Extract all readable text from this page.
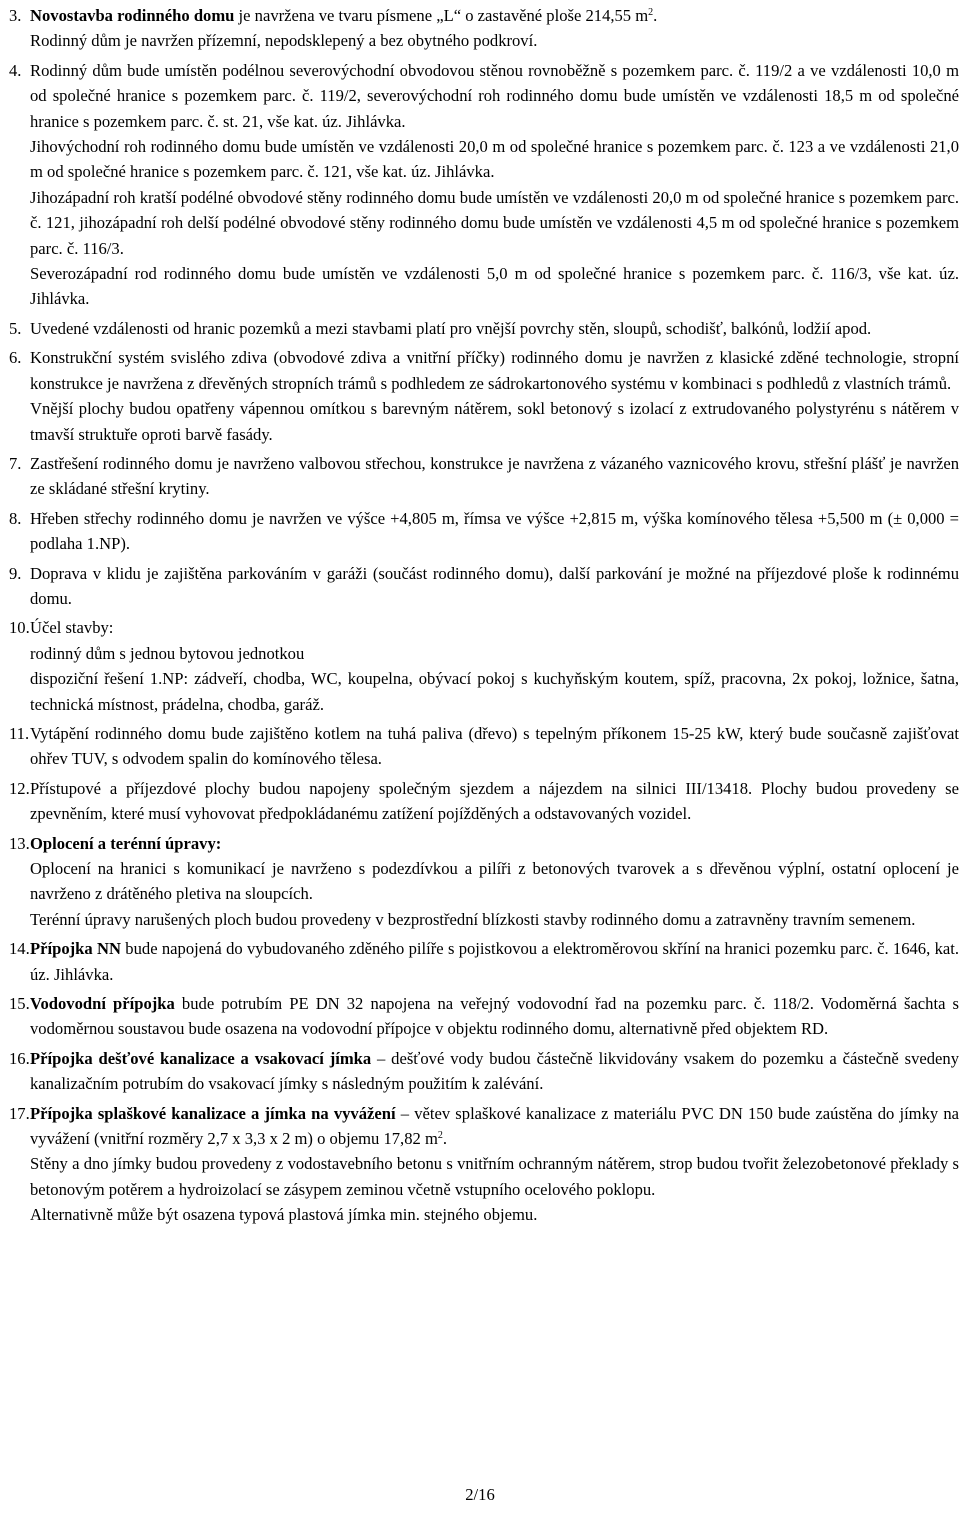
3. Novostavba rodinného domu je navržena ve tvaru písmene „L“ o zastavěné ploše 214,55 $m^2$.

Rodinný dům je navržen přízemní, nepodsklepený a bez obytného podkroví.

4. Rodinný dům bude umístěn podélnou severovýchodní obvodovou stěnou rovnoběžně s pozemkem parc. č. 119/2 a ve vzdálenosti 10,0 m od společné hranice s pozemkem parc. č. 119/2, severovýchodní roh rodinného domu bude umístěn ve vzdálenosti 18,5 m od společné hranice s pozemkem parc. č. st. 21, vše kat. úz. Jihlávka.

Jihovýchodní roh rodinného domu bude umístěn ve vzdálenosti 20,0 m od společné hranice s pozemkem parc. č. 123 a ve vzdálenosti 21,0 m od společné hranice s pozemkem parc. č. 121, vše kat. úz. Jihlávka.

Jihozápadní roh kratší podélné obvodové stěny rodinného domu bude umístěn ve vzdálenosti 20,0 m od společné hranice s pozemkem parc. č. 121, jihozápadní roh delší podélné obvodové stěny rodinného domu bude umístěn ve vzdálenosti 4,5 m od společné hranice s pozemkem parc. č. 116/3.

Severozápadní rod rodinného domu bude umístěn ve vzdálenosti 5,0 m od společné hranice s pozemkem parc. č. 116/3, vše kat. úz. Jihlávka.

5. Uvedené vzdálenosti od hranic pozemků a mezi stavbami platí pro vnější povrchy stěn, sloupů, schodišť, balkónů, lodžií apod.

6. Konstrukční systém svislého zdiva (obvodové zdiva a vnitřní příčky) rodinného domu je navržen z klasické zděné technologie, stropní konstrukce je navržena z dřevěných stropních trámů s podhledem ze sádrokartonového systému v kombinaci s podhledů z vlastních trámů.

Vnější plochy budou opatřeny vápennou omítkou s barevným nátěrem, sokl betonový s izolací z extrudovaného polystyrénu s nátěrem v tmavší struktuře oproti barvě fasády.

7. Zastřešení rodinného domu je navrženo valbovou střechou, konstrukce je navržena z vázaného vaznicového krovu, střešní plášť je navržen ze skládané střešní krytiny.

8. Hřeben střechy rodinného domu je navržen ve výšce +4,805 m, římsa ve výšce +2,815 m, výška komínového tělesa +5,500 m (± 0,000 = podlaha 1.NP).

9. Doprava v klidu je zajištěna parkováním v garáži (součást rodinného domu), další parkování je možné na příjezdové ploše k rodinnému domu.

10. Účel stavby:

rodinný dům s jednou bytovou jednotkou

dispoziční řešení 1.NP: zádveří, chodba, WC, koupelna, obývací pokoj s kuchyňským koutem, spíž, pracovna, 2x pokoj, ložnice, šatna, technická místnost, prádelna, chodba, garáž.

11. Vytápění rodinného domu bude zajištěno kotlem na tuhá paliva (dřevo) s tepelným příkonem 15-25 kW, který bude současně zajišťovat ohřev TUV, s odvodem spalin do komínového tělesa.

12. Přístupové a příjezdové plochy budou napojeny společným sjezdem a nájezdem na silnici III/13418. Plochy budou provedeny se zpevněním, které musí vyhovovat předpokládanému zatížení pojížděných a odstavovaných vozidel.

13. Oplocení a terénní úpravy:

Oplocení na hranici s komunikací je navrženo s podezdívkou a pilíři z betonových tvarovek a s dřevěnou výplní, ostatní oplocení je navrženo z drátěného pletiva na sloupcích.

Terénní úpravy narušených ploch budou provedeny v bezprostřední blízkosti stavby rodinného domu a zatravněny travním semenem.

14. Přípojka NN bude napojená do vybudovaného zděného pilíře s pojistkovou a elektroměrovou skříní na hranici pozemku parc. č. 1646, kat. úz. Jihlávka.

15. Vodovodní přípojka bude potrubím PE DN 32 napojena na veřejný vodovodní řad na pozemku parc. č. 118/2. Vodoměrná šachta s vodoměrnou soustavou bude osazena na vodovodní přípojce v objektu rodinného domu, alternativně před objektem RD.

16. Přípojka dešťové kanalizace a vsakovací jímka – dešťové vody budou částečně likvidovány vsakem do pozemku a částečně svedeny kanalizačním potrubím do vsakovací jímky s následným použitím k zalévání.

17. Přípojka splaškové kanalizace a jímka na vyvážení – větev splaškové kanalizace z materiálu PVC DN 150 bude zaústěna do jímky na vyvážení (vnitřní rozměry 2,7 x 3,3 x 2 m) o objemu 17,82 $m^2$.

Stěny a dno jímky budou provedeny z vodostavebního betonu s vnitřním ochranným nátěrem, strop budou tvořit železobetonové překlady s betonovým potěrem a hydroizolací se zásypem zeminou včetně vstupního ocelového poklopu.

Alternativně může být osazena typová plastová jímka min. stejného objemu.

2/16
